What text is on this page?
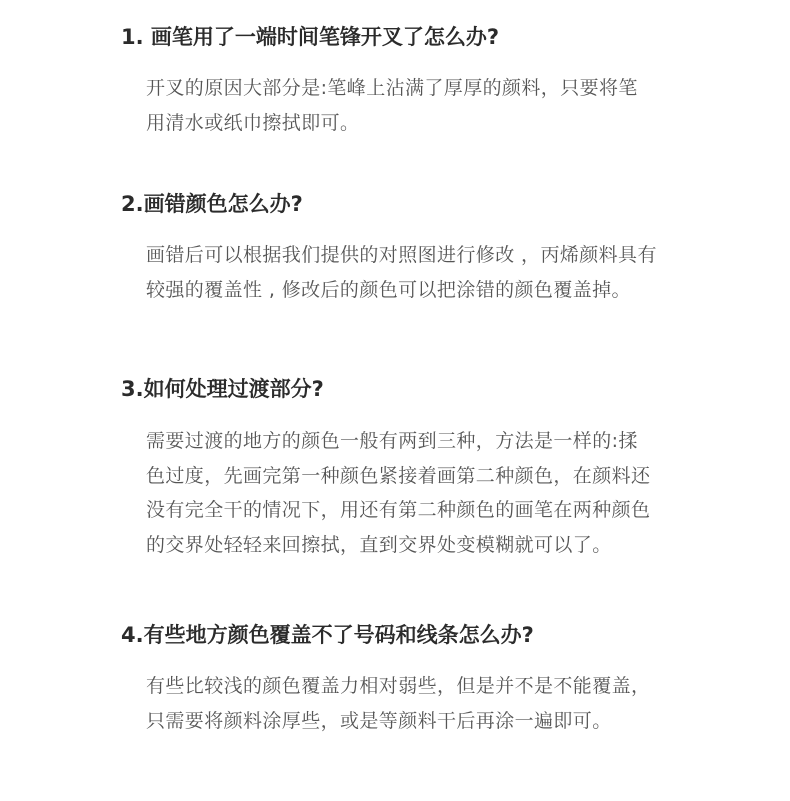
1. 画笔用了一端时间笔锋开叉了怎么办?

开叉的原因大部分是:笔峰上沾满了厚厚的颜料，只要将笔
用清水或纸巾擦拭即可。

2.画错颜色怎么办?

画错后可以根据我们提供的对照图进行修改 ，丙烯颜料具有
较强的覆盖性 , 修改后的颜色可以把涂错的颜色覆盖掉。

3.如何处理过渡部分?

需要过渡的地方的颜色一般有两到三种，方法是一样的:揉
色过度，先画完第一种颜色紧接着画第二种颜色，在颜料还
没有完全干的情况下，用还有第二种颜色的画笔在两种颜色
的交界处轻轻来回擦拭，直到交界处变模糊就可以了。

4.有些地方颜色覆盖不了号码和线条怎么办?

有些比较浅的颜色覆盖力相对弱些，但是并不是不能覆盖，
只需要将颜料涂厚些，或是等颜料干后再涂一遍即可。
